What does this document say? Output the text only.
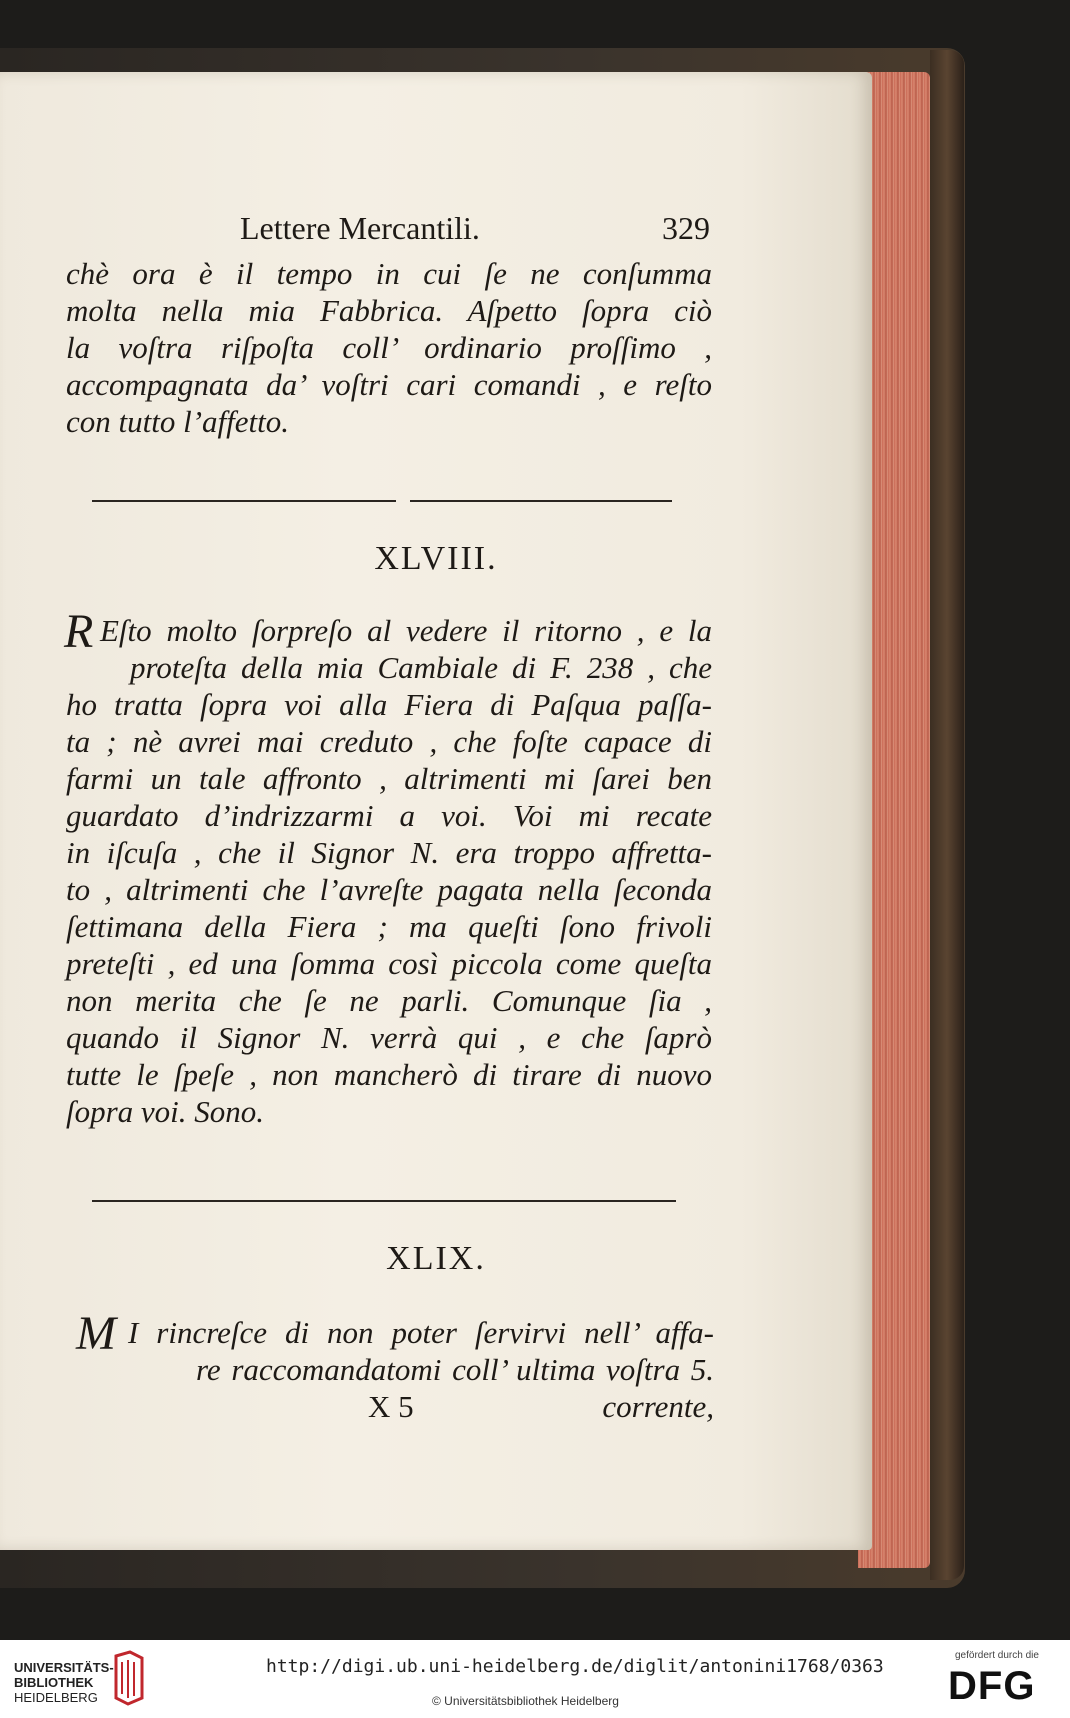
Lettere Mercantili.	329
chè ora è il tempo in cui ſe ne conſumma
molta nella mia Fabbrica. Aſpetto ſopra ciò
la voſtra riſpoſta coll’ ordinario proſſimo ,
accompagnata da’ voſtri cari comandi , e reſto
con tutto l’affetto.
XLVIII.
R Eſto molto ſorpreſo al vedere il ritorno , e la
proteſta della mia Cambiale di F. 238 , che
ho tratta ſopra voi alla Fiera di Paſqua paſſa-
ta ; nè avrei mai creduto , che foſte capace di
farmi un tale affronto , altrimenti mi ſarei ben
guardato d’indrizzarmi a voi. Voi mi recate
in iſcuſa , che il Signor N. era troppo affretta-
to , altrimenti che l’avreſte pagata nella ſeconda
ſettimana della Fiera ; ma queſti ſono frivoli
preteſti , ed una ſomma così piccola come queſta
non merita che ſe ne parli. Comunque ſia ,
quando il Signor N. verrà qui , e che ſaprò
tutte le ſpeſe , non mancherò di tirare di nuovo
ſopra voi. Sono.
XLIX.
M I rincreſce di non poter ſervirvi nell’ affa-
re raccomandatomi coll’ ultima voſtra 5.
X 5	corrente,
UNIVERSITÄTS-
BIBLIOTHEK
HEIDELBERG
http://digi.ub.uni-heidelberg.de/diglit/antonini1768/0363
© Universitätsbibliothek Heidelberg
gefördert durch die
DFG
